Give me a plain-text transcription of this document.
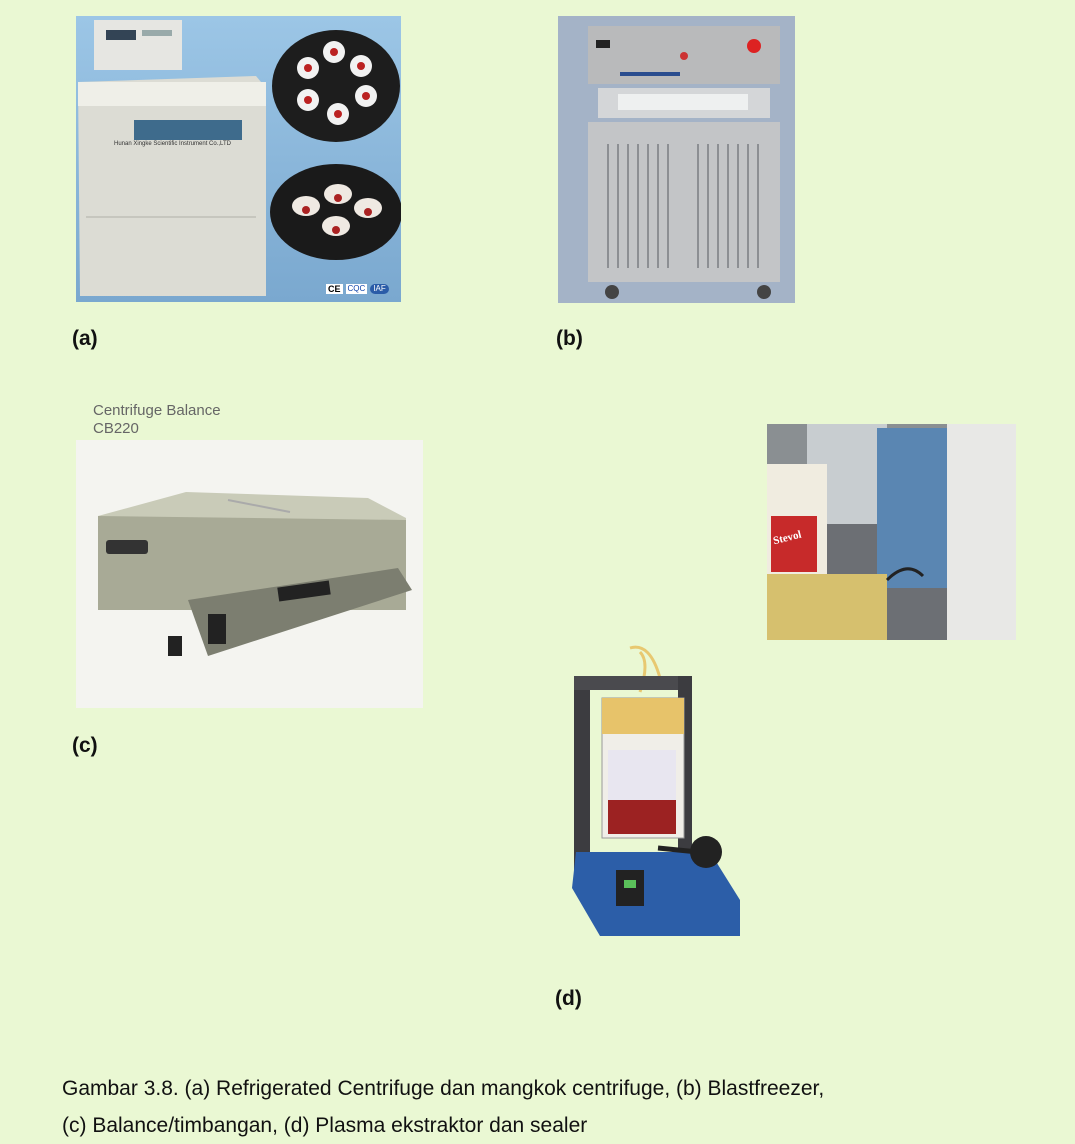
Hunan Xingke Scientific Instrument Co.,LTD
CE CQC	IAF
(a)	(b)
Centrifuge Balance
CB220
(c)
Stevol
(d)
Gambar 3.8. (a) Refrigerated Centrifuge dan mangkok centrifuge, (b) Blastfreezer,
(c) Balance/timbangan, (d) Plasma ekstraktor dan sealer
